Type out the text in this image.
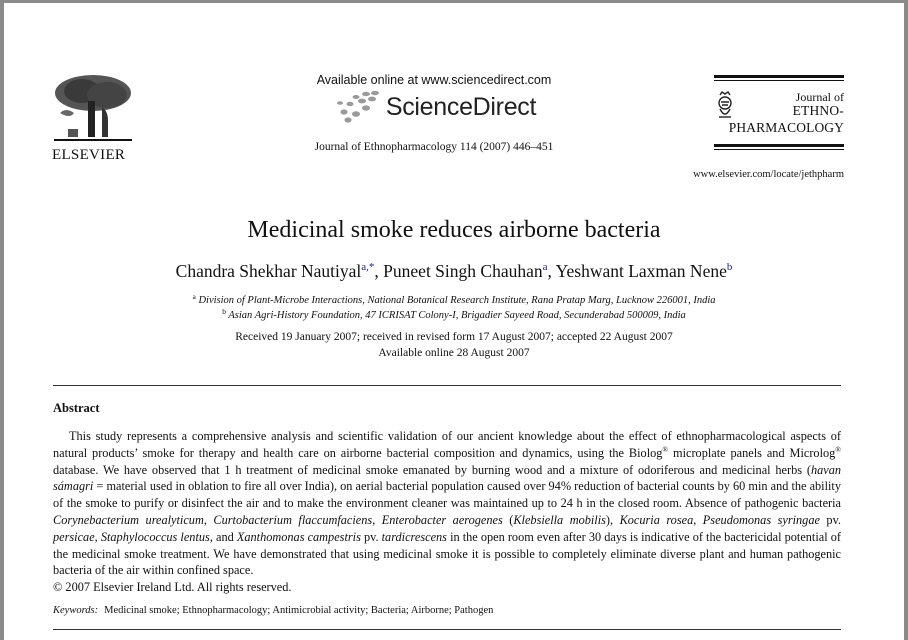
ELSEVIER
Available online at www.sciencedirect.com
ScienceDirect
Journal of Ethnopharmacology 114 (2007) 446–451
Journal of
ETHNO-
PHARMACOLOGY
www.elsevier.com/locate/jethpharm
Medicinal smoke reduces airborne bacteria
Chandra Shekhar Nautiyal$^{a,*}$, Puneet Singh Chauhan$^a$, Yeshwant Laxman Nene$^b$
$^a$ Division of Plant-Microbe Interactions, National Botanical Research Institute, Rana Pratap Marg, Lucknow 226001, India
$^b$ Asian Agri-History Foundation, 47 ICRISAT Colony-I, Brigadier Sayeed Road, Secunderabad 500009, India
Received 19 January 2007; received in revised form 17 August 2007; accepted 22 August 2007
Available online 28 August 2007
Abstract

This study represents a comprehensive analysis and scientific validation of our ancient knowledge about the effect of ethnopharmacological aspects of natural products’ smoke for therapy and health care on airborne bacterial composition and dynamics, using the Biolog® microplate panels and Microlog® database. We have observed that 1 h treatment of medicinal smoke emanated by burning wood and a mixture of odoriferous and medicinal herbs (havan sámagri = material used in oblation to fire all over India), on aerial bacterial population caused over 94% reduction of bacterial counts by 60 min and the ability of the smoke to purify or disinfect the air and to make the environment cleaner was maintained up to 24 h in the closed room. Absence of pathogenic bacteria Corynebacterium urealyticum, Curtobacterium flaccumfaciens, Enterobacter aerogenes (Klebsiella mobilis), Kocuria rosea, Pseudomonas syringae pv. persicae, Staphylococcus lentus, and Xanthomonas campestris pv. tardicrescens in the open room even after 30 days is indicative of the bactericidal potential of the medicinal smoke treatment. We have demonstrated that using medicinal smoke it is possible to completely eliminate diverse plant and human pathogenic bacteria of the air within confined space.

© 2007 Elsevier Ireland Ltd. All rights reserved.

Keywords: Medicinal smoke; Ethnopharmacology; Antimicrobial activity; Bacteria; Airborne; Pathogen
